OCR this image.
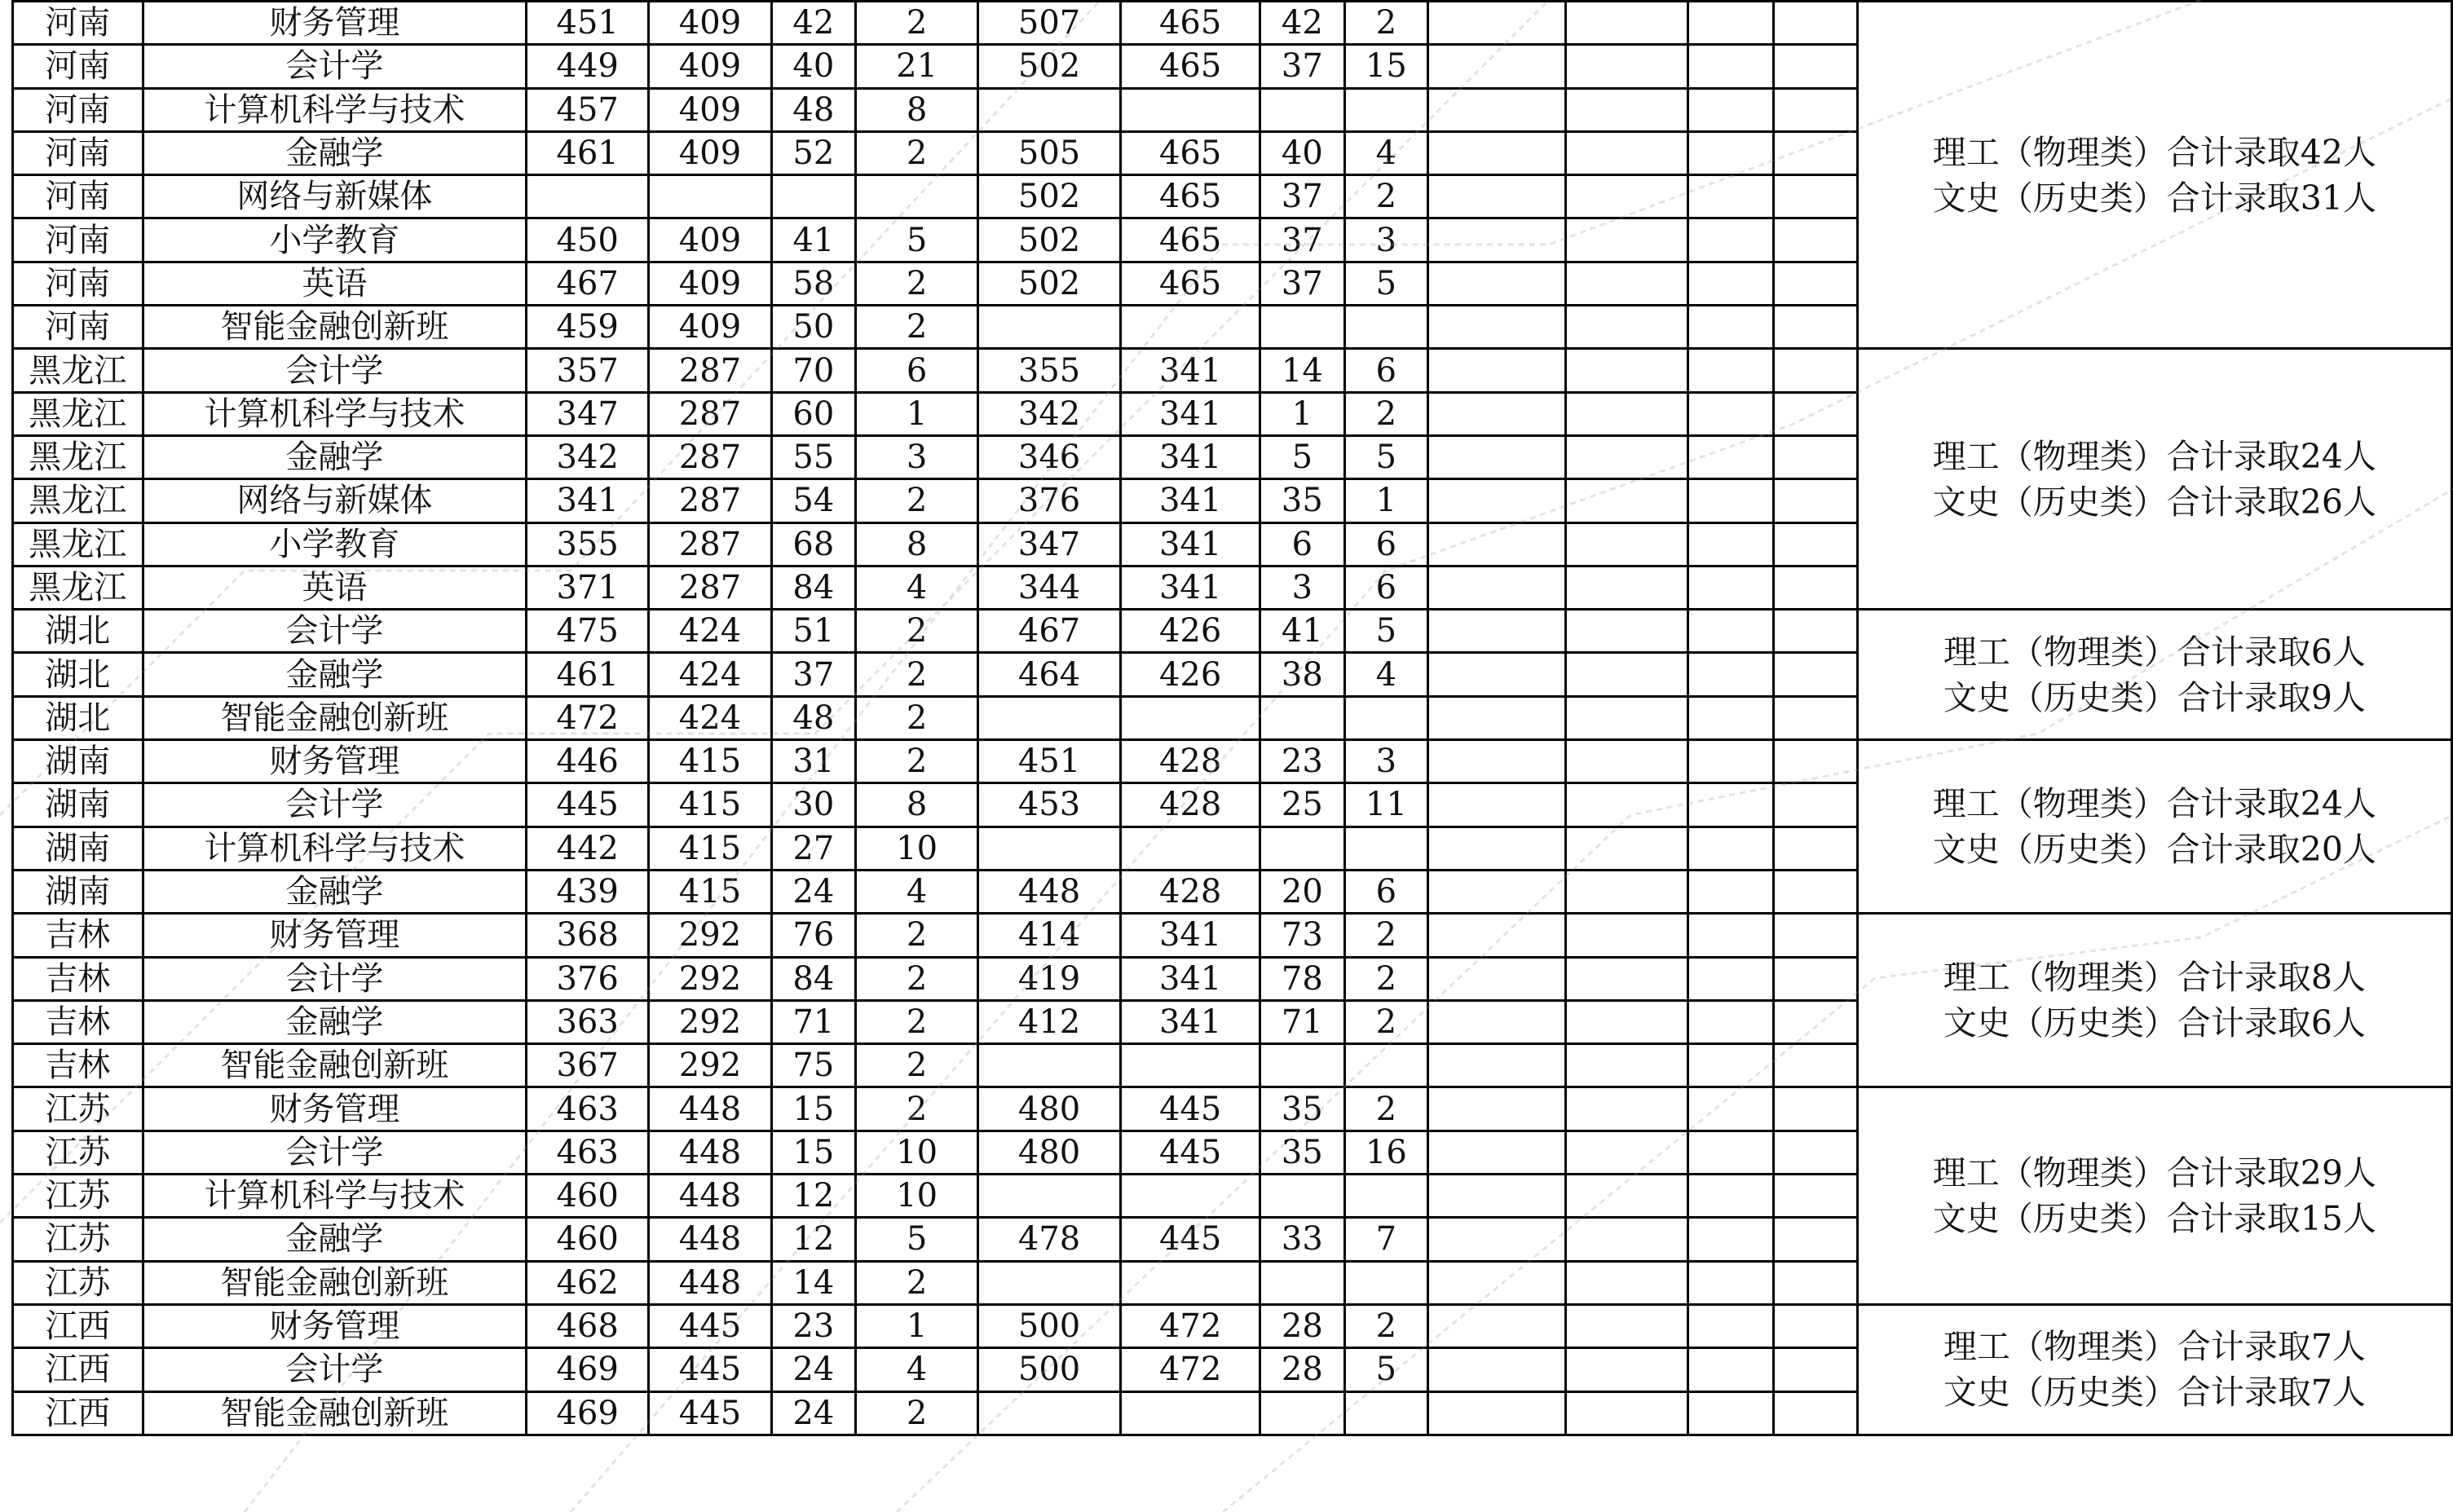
河南	财务管理	451	409	42	2	507	465	42	2					理工（物理类）合计录取42人
文史（历史类）合计录取31人

河南	会计学	449	409	40	21	502	465	37	15					
河南	计算机科学与技术	457	409	48	8									
河南	金融学	461	409	52	2	505	465	40	4					
河南	网络与新媒体					502	465	37	2					
河南	小学教育	450	409	41	5	502	465	37	3					
河南	英语	467	409	58	2	502	465	37	5					
河南	智能金融创新班	459	409	50	2									
黑龙江	会计学	357	287	70	6	355	341	14	6					理工（物理类）合计录取24人
文史（历史类）合计录取26人

黑龙江	计算机科学与技术	347	287	60	1	342	341	1	2					
黑龙江	金融学	342	287	55	3	346	341	5	5					
黑龙江	网络与新媒体	341	287	54	2	376	341	35	1					
黑龙江	小学教育	355	287	68	8	347	341	6	6					
黑龙江	英语	371	287	84	4	344	341	3	6					
湖北	会计学	475	424	51	2	467	426	41	5					理工（物理类）合计录取6人
文史（历史类）合计录取9人

湖北	金融学	461	424	37	2	464	426	38	4					
湖北	智能金融创新班	472	424	48	2									
湖南	财务管理	446	415	31	2	451	428	23	3					理工（物理类）合计录取24人
文史（历史类）合计录取20人

湖南	会计学	445	415	30	8	453	428	25	11					
湖南	计算机科学与技术	442	415	27	10									
湖南	金融学	439	415	24	4	448	428	20	6					
吉林	财务管理	368	292	76	2	414	341	73	2					理工（物理类）合计录取8人
文史（历史类）合计录取6人

吉林	会计学	376	292	84	2	419	341	78	2					
吉林	金融学	363	292	71	2	412	341	71	2					
吉林	智能金融创新班	367	292	75	2									
江苏	财务管理	463	448	15	2	480	445	35	2					理工（物理类）合计录取29人
文史（历史类）合计录取15人

江苏	会计学	463	448	15	10	480	445	35	16					
江苏	计算机科学与技术	460	448	12	10									
江苏	金融学	460	448	12	5	478	445	33	7					
江苏	智能金融创新班	462	448	14	2									
江西	财务管理	468	445	23	1	500	472	28	2					理工（物理类）合计录取7人
文史（历史类）合计录取7人

江西	会计学	469	445	24	4	500	472	28	5					
江西	智能金融创新班	469	445	24	2									
